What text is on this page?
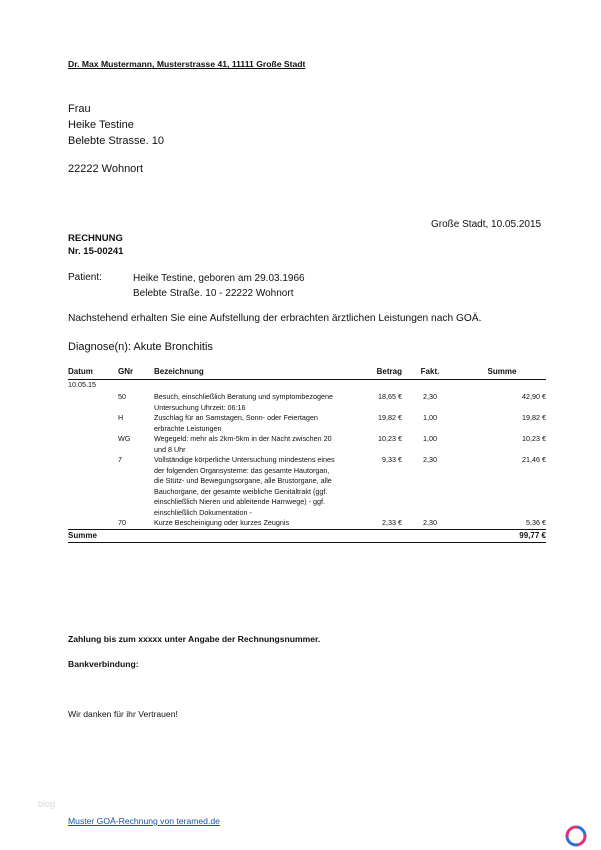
Dr. Max Mustermann, Musterstrasse 41, 11111 Große Stadt
Frau
Heike Testine
Belebte Strasse. 10
22222 Wohnort
Große Stadt, 10.05.2015
RECHNUNG
Nr. 15-00241
Patient:	Heike Testine, geboren am 29.03.1966
Belebte Straße. 10 - 22222 Wohnort
Nachstehend erhalten Sie eine Aufstellung der erbrachten ärztlichen Leistungen nach GOÄ.
Diagnose(n): Akute Bronchitis
Datum	GNr	Bezeichnung	Betrag	Fakt.	Summe
10.05.15					
	50	Besuch, einschließlich Beratung und symptombezogene Untersuchung Uhrzeit: 06:16	18,65 €	2,30	42,90 €
	H	Zuschlag für an Samstagen, Sonn- oder Feiertagen erbrachte Leistungen	19,82 €	1,00	19,82 €
	WG	Wegegeld: mehr als 2km-5km in der Nacht zwischen 20 und 8 Uhr	10,23 €	1,00	10,23 €
	7	Vollständige körperliche Untersuchung mindestens eines der folgenden Organsysteme: das gesamte Hautorgan, die Stütz- und Bewegungsorgane, alle Brustorgane, alle Bauchorgane, der gesamte weibliche Genitaltrakt (ggf. einschließlich Nieren und ableitende Harnwege) - ggf. einschließlich Dokumentation -	9,33 €	2,30	21,46 €
	70	Kurze Bescheinigung oder kurzes Zeugnis	2,33 €	2,30	5,36 €
Summe					99,77 €
Zahlung bis zum xxxxx unter Angabe der Rechnungsnummer.
Bankverbindung:
Wir danken für ihr Vertrauen!
blog
Muster GOÄ-Rechnung von teramed.de
